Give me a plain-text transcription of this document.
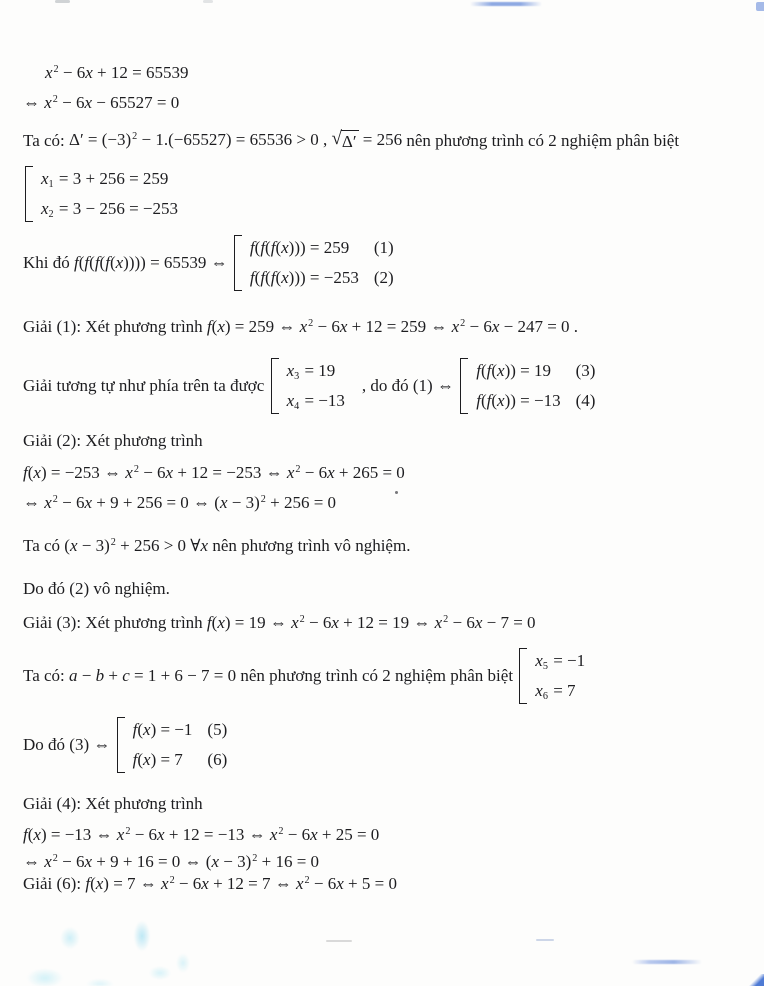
$x^2 - 6x + 12 = 65539$
⇔ $x^2 - 6x - 65527 = 0$
Ta có: $\Delta' = (-3)^2 - 1.(-65527) = 65536 > 0$ , √ Δ′ = 256 nên phương trình có 2 nghiệm phân biệt
$x_1 = 3 + 256 = 259$
$x_2 = 3 - 256 = -253$
Khi đó f(f(f(f(x)))) = 65539 ⇔
f(f(f(x))) = 259	(1)
f(f(f(x))) = −253 (2)
Giải (1): Xét phương trình f(x) = 259 ⇔ $x^2 - 6x + 12 = 259$ ⇔ $x^2 - 6x - 247 = 0$ .
Giải tương tự như phía trên ta được
$x_3 = 19$
$x_4 = -13$
, do đó (1) ⇔
f(f(x)) = 19	(3)
f(f(x)) = −13 (4)
Giải (2): Xét phương trình
f(x) = −253 ⇔ $x^2 - 6x + 12 = -253$ ⇔ $x^2 - 6x + 265 = 0$
⇔ $x^2 - 6x + 9 + 256 = 0$ ⇔ $(x - 3)^2 + 256 = 0$
Ta có $(x - 3)^2 + 256 > 0$ ∀x nên phương trình vô nghiệm.
Do đó (2) vô nghiệm.
Giải (3): Xét phương trình f(x) = 19 ⇔ $x^2 - 6x + 12 = 19$ ⇔ $x^2 - 6x - 7 = 0$
Ta có: a − b + c = 1 + 6 − 7 = 0 nên phương trình có 2 nghiệm phân biệt
$x_5 = -1$
$x_6 = 7$
Do đó (3) ⇔
f(x) = −1 (5)
f(x) = 7	(6)
Giải (4): Xét phương trình
f(x) = −13 ⇔ $x^2 - 6x + 12 = -13$ ⇔ $x^2 - 6x + 25 = 0$
⇔ $x^2 - 6x + 9 + 16 = 0$ ⇔ $(x - 3)^2 + 16 = 0$
Giải (6): f(x) = 7 ⇔ $x^2 - 6x + 12 = 7$ ⇔ $x^2 - 6x + 5 = 0$
